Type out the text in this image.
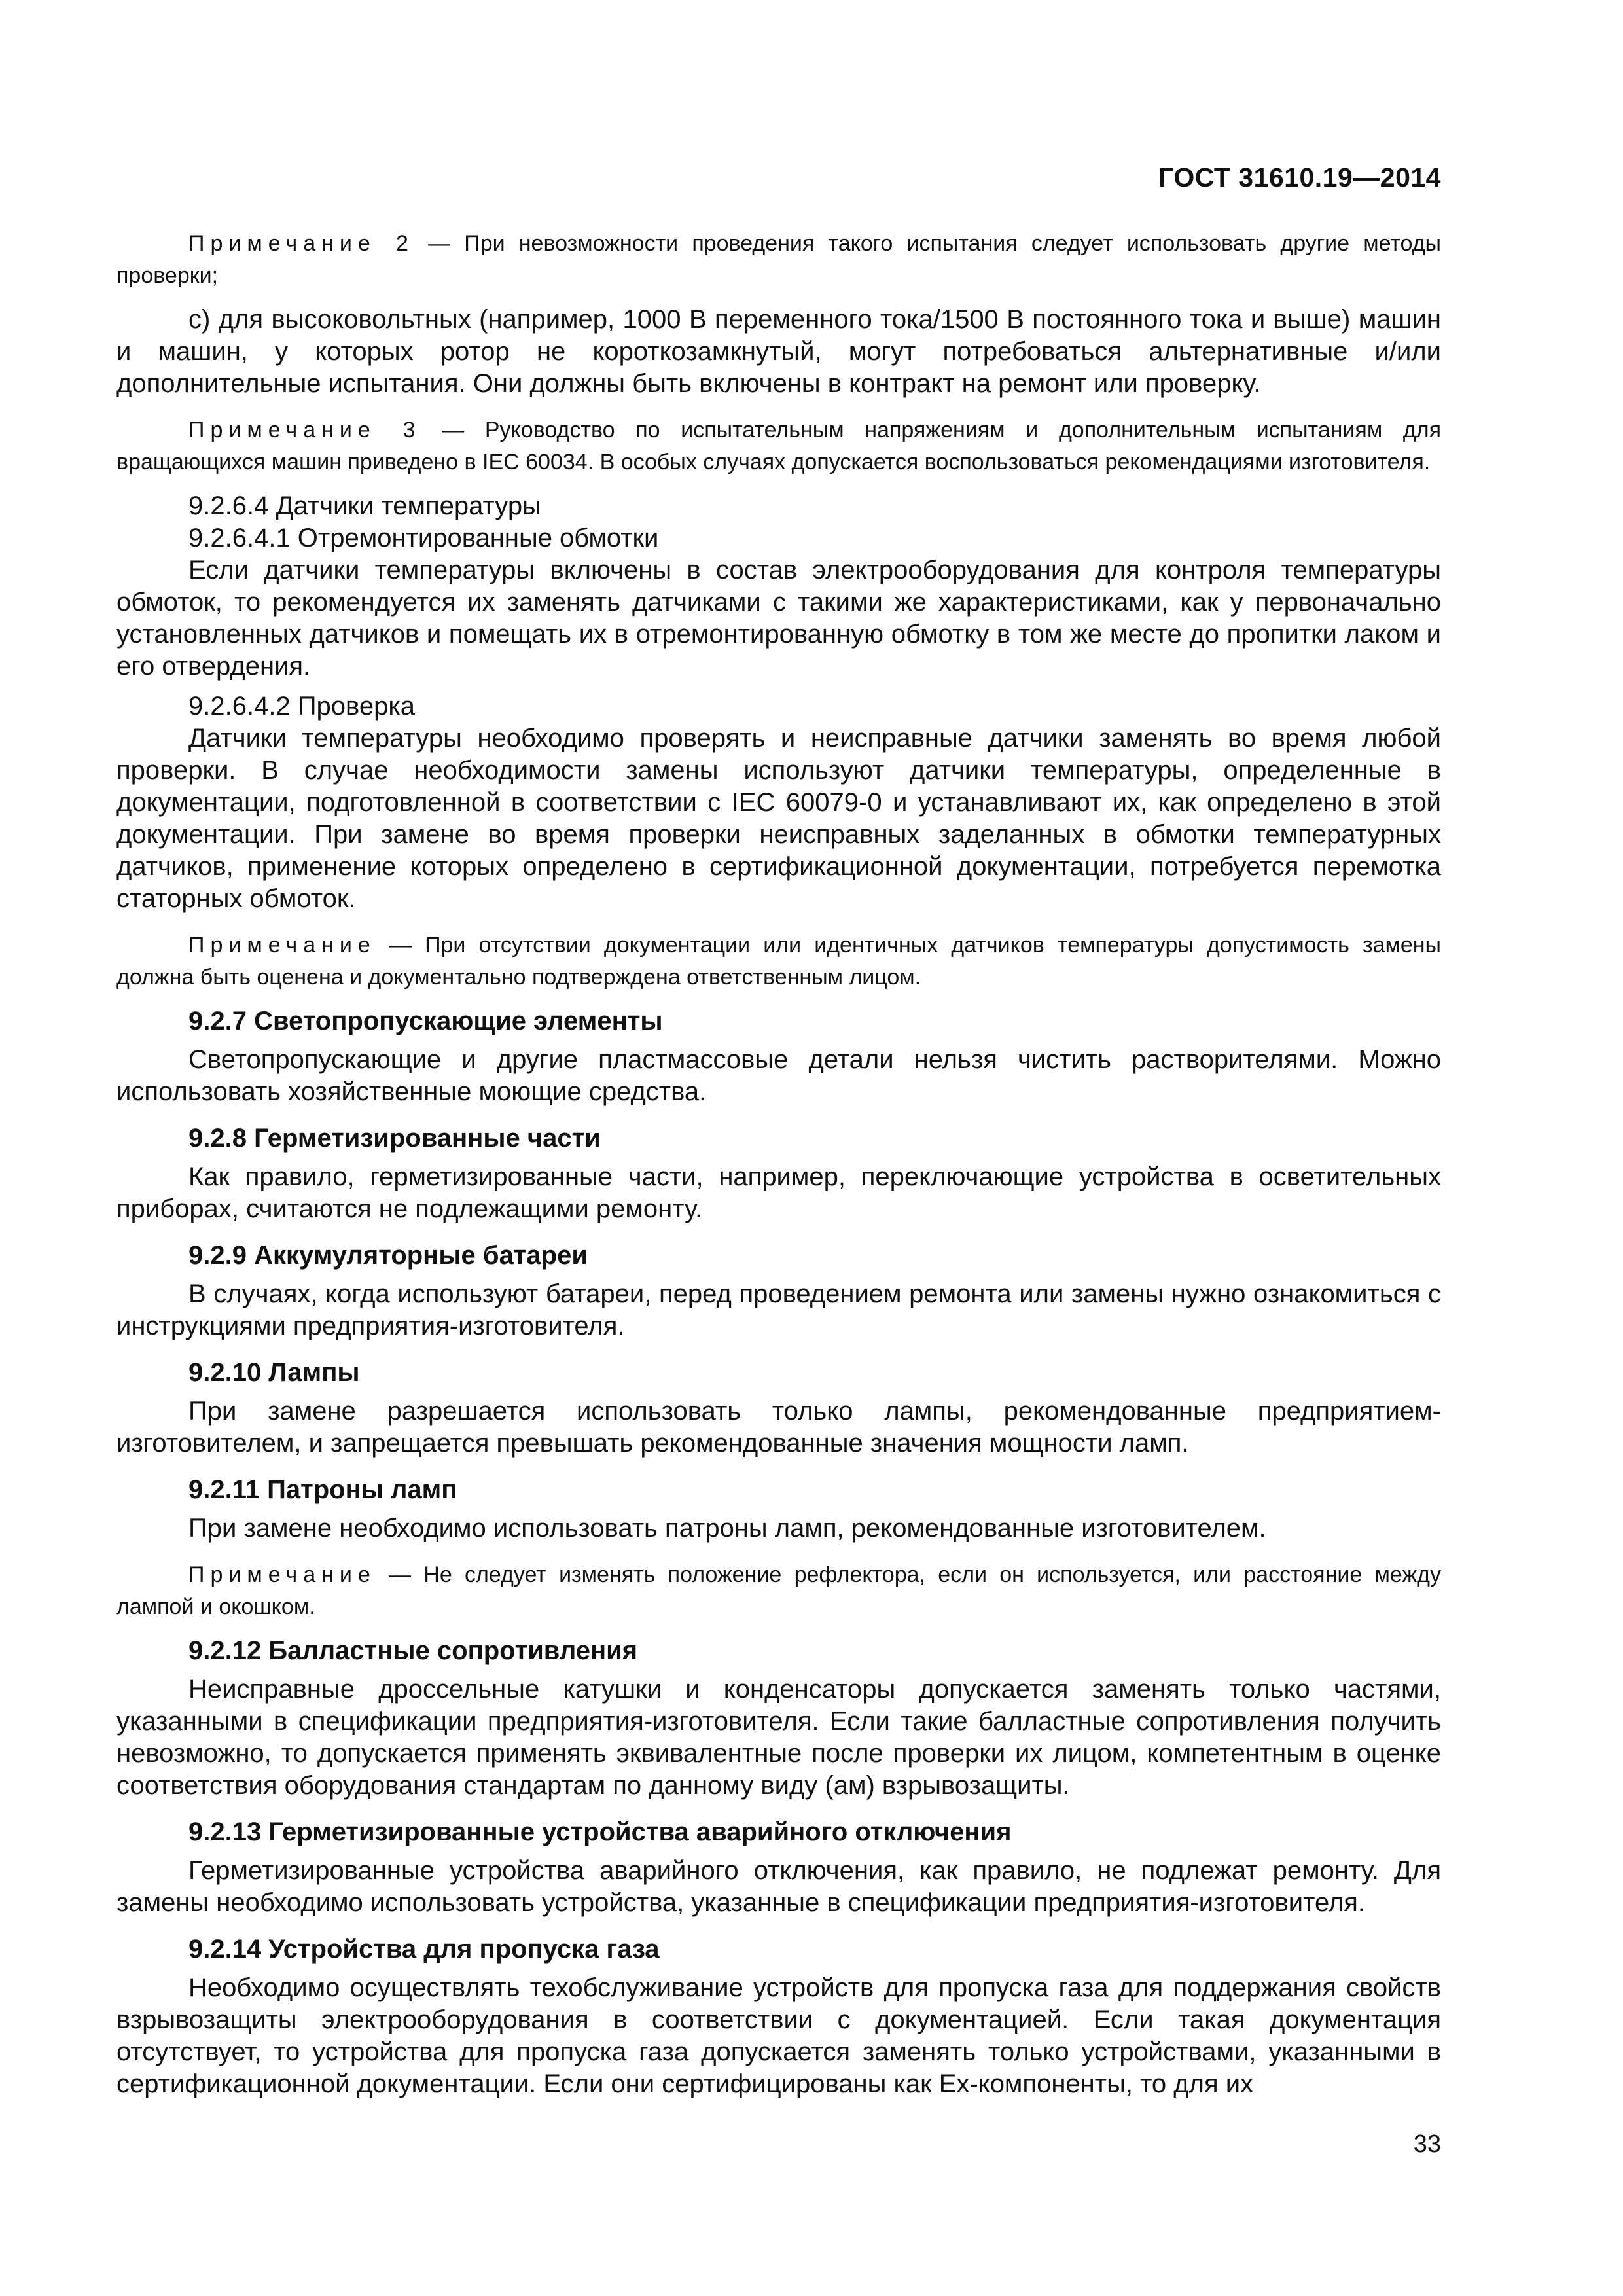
ГОСТ 31610.19—2014

Примечание 2 — При невозможности проведения такого испытания следует использовать другие методы проверки;

c) для высоковольтных (например, 1000 В переменного тока/1500 В постоянного тока и выше) машин и машин, у которых ротор не короткозамкнутый, могут потребоваться альтернативные и/или дополнительные испытания. Они должны быть включены в контракт на ремонт или проверку.

Примечание 3 — Руководство по испытательным напряжениям и дополнительным испытаниям для вращающихся машин приведено в IEC 60034. В особых случаях допускается воспользоваться рекомендациями изготовителя.

9.2.6.4 Датчики температуры

9.2.6.4.1 Отремонтированные обмотки

Если датчики температуры включены в состав электрооборудования для контроля температуры обмоток, то рекомендуется их заменять датчиками с такими же характеристиками, как у первоначально установленных датчиков и помещать их в отремонтированную обмотку в том же месте до пропитки лаком и его отвердения.

9.2.6.4.2 Проверка

Датчики температуры необходимо проверять и неисправные датчики заменять во время любой проверки. В случае необходимости замены используют датчики температуры, определенные в документации, подготовленной в соответствии с IEC 60079-0 и устанавливают их, как определено в этой документации. При замене во время проверки неисправных заделанных в обмотки температурных датчиков, применение которых определено в сертификационной документации, потребуется перемотка статорных обмоток.

Примечание — При отсутствии документации или идентичных датчиков температуры допустимость замены должна быть оценена и документально подтверждена ответственным лицом.

9.2.7 Светопропускающие элементы

Светопропускающие и другие пластмассовые детали нельзя чистить растворителями. Можно использовать хозяйственные моющие средства.

9.2.8 Герметизированные части

Как правило, герметизированные части, например, переключающие устройства в осветительных приборах, считаются не подлежащими ремонту.

9.2.9 Аккумуляторные батареи

В случаях, когда используют батареи, перед проведением ремонта или замены нужно ознакомиться с инструкциями предприятия-изготовителя.

9.2.10 Лампы

При замене разрешается использовать только лампы, рекомендованные предприятием-изготовителем, и запрещается превышать рекомендованные значения мощности ламп.

9.2.11 Патроны ламп

При замене необходимо использовать патроны ламп, рекомендованные изготовителем.

Примечание — Не следует изменять положение рефлектора, если он используется, или расстояние между лампой и окошком.

9.2.12 Балластные сопротивления

Неисправные дроссельные катушки и конденсаторы допускается заменять только частями, указанными в спецификации предприятия-изготовителя. Если такие балластные сопротивления получить невозможно, то допускается применять эквивалентные после проверки их лицом, компетентным в оценке соответствия оборудования стандартам по данному виду (ам) взрывозащиты.

9.2.13 Герметизированные устройства аварийного отключения

Герметизированные устройства аварийного отключения, как правило, не подлежат ремонту. Для замены необходимо использовать устройства, указанные в спецификации предприятия-изготовителя.

9.2.14 Устройства для пропуска газа

Необходимо осуществлять техобслуживание устройств для пропуска газа для поддержания свойств взрывозащиты электрооборудования в соответствии с документацией. Если такая документация отсутствует, то устройства для пропуска газа допускается заменять только устройствами, указанными в сертификационной документации. Если они сертифицированы как Ex-компоненты, то для их

33
